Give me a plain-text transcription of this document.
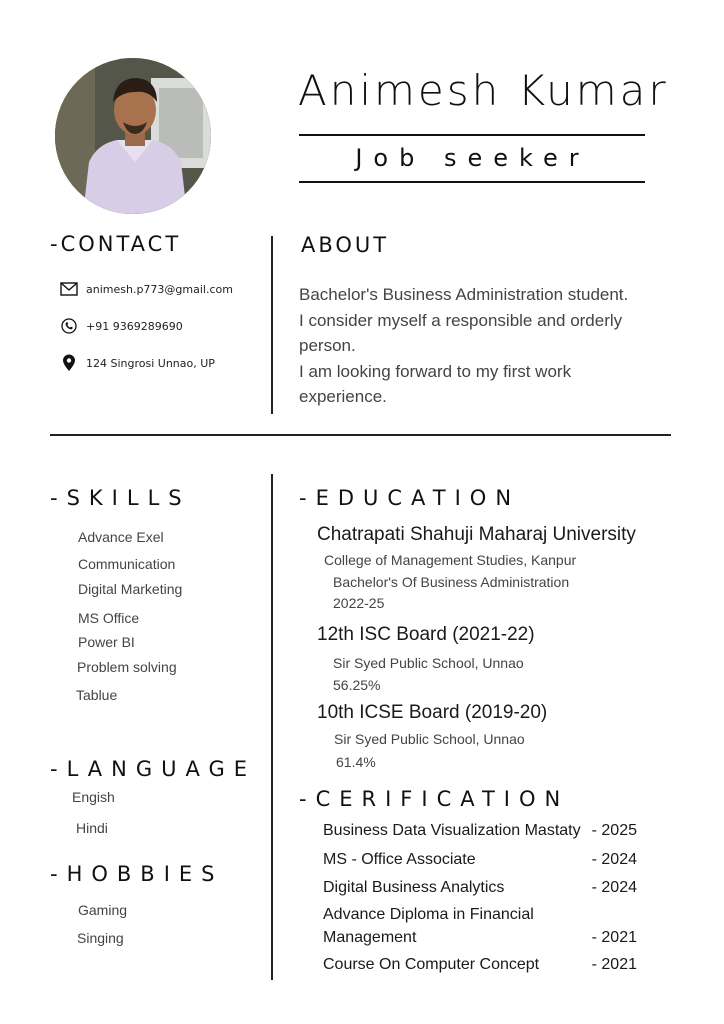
Animesh Kumar
Job seeker
-CONTACT
animesh.p773@gmail.com
+91 9369289690
124 Singrosi Unnao, UP
ABOUT
Bachelor's Business Administration student.
I consider myself a responsible and orderly
person.
I am looking forward to my first work
experience.
-SKILLS
Advance Exel
Communication
Digital Marketing
MS Office
Power BI
Problem solving
Tablue
-LANGUAGE
Engish
Hindi
-HOBBIES
Gaming
Singing
-EDUCATION
Chatrapati Shahuji Maharaj University
College of Management Studies, Kanpur
Bachelor's Of Business Administration
2022-25
12th ISC Board (2021-22)
Sir Syed Public School, Unnao
56.25%
10th ICSE Board (2019-20)
Sir Syed Public School, Unnao
61.4%
-CERIFICATION
Business Data Visualization Mastaty - 2025
MS - Office Associate	- 2024
Digital Business Analytics	- 2024
Advance Diploma in Financial
Management	- 2021
Course On Computer Concept	- 2021
